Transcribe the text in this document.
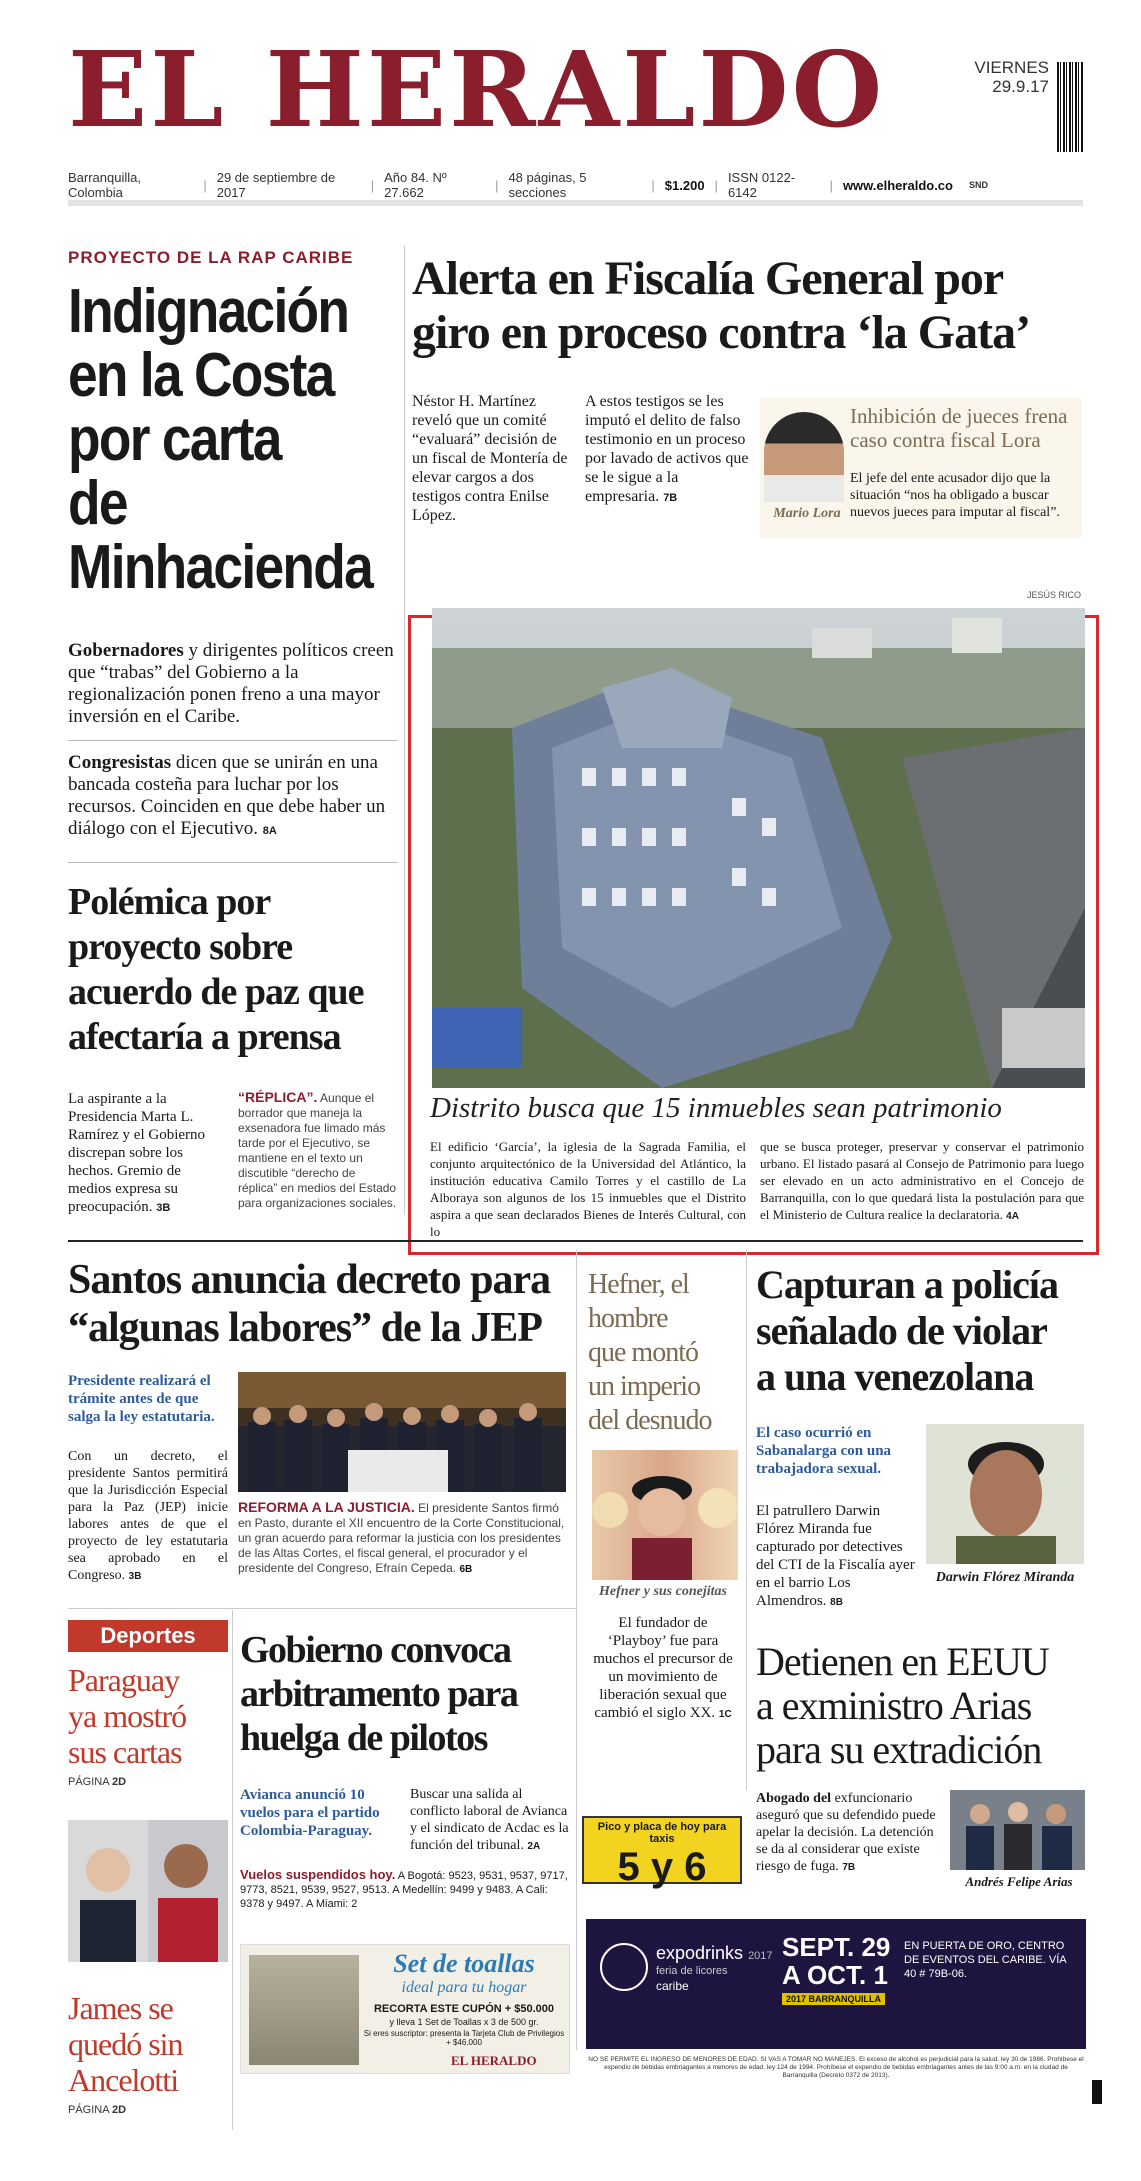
EL HERALDO	VIERNES
29.9.17
Barranquilla, Colombia	| 29 de septiembre de 2017	| Año 84. Nº 27.662	| 48 páginas, 5 secciones	| $1.200 | ISSN 0122-6142	| www.elheraldo.co SND
PROYECTO DE LA RAP CARIBE
Indignación
en la Costa
por carta de
Minhacienda
Gobernadores y dirigentes políticos creen que “trabas” del Gobierno a la regionalización ponen freno a una mayor inversión en el Caribe.
Congresistas dicen que se unirán en una bancada costeña para luchar por los recursos. Coinciden en que debe haber un diálogo con el Ejecutivo. 8A
Polémica por
proyecto sobre
acuerdo de paz que
afectaría a prensa
La aspirante a la Presidencia Marta L. Ramírez y el Gobierno discrepan sobre los hechos. Gremio de medios expresa su preocupación. 3B
“RÉPLICA”. Aunque el borrador que maneja la exsenadora fue limado más tarde por el Ejecutivo, se mantiene en el texto un discutible “derecho de réplica” en medios del Estado para organizaciones sociales.
Alerta en Fiscalía General por
giro en proceso contra ‘la Gata’
Néstor H. Martínez reveló que un comité “evaluará” decisión de un fiscal de Montería de elevar cargos a dos testigos contra Enilse López.
A estos testigos se les imputó el delito de falso testimonio en un proceso por lavado de activos que se le sigue a la empresaria. 7B
Inhibición de jueces frena caso contra fiscal Lora
El jefe del ente acusador dijo que la situación “nos ha obligado a buscar nuevos jueces para imputar al fiscal”.
Mario Lora
JESÚS RICO
Distrito busca que 15 inmuebles sean patrimonio
El edificio ‘García’, la iglesia de la Sagrada Familia, el conjunto arquitectónico de la Universidad del Atlántico, la institución educativa Camilo Torres y el castillo de La Alboraya son algunos de los 15 inmuebles que el Distrito aspira a que sean declarados Bienes de Interés Cultural, con lo
que se busca proteger, preservar y conservar el patrimonio urbano. El listado pasará al Consejo de Patrimonio para luego ser elevado en un acto administrativo en el Concejo de Barranquilla, con lo que quedará lista la postulación para que el Ministerio de Cultura realice la declaratoria. 4A
Santos anuncia decreto para
“algunas labores” de la JEP
Presidente realizará el trámite antes de que salga la ley estatutaria.
Con un decreto, el presidente Santos permitirá que la Jurisdicción Especial para la Paz (JEP) inicie labores antes de que el proyecto de ley estatutaria sea aprobado en el Congreso. 3B
REFORMA A LA JUSTICIA. El presidente Santos firmó en Pasto, durante el XII encuentro de la Corte Constitucional, un gran acuerdo para reformar la justicia con los presidentes de las Altas Cortes, el fiscal general, el procurador y el presidente del Congreso, Efraín Cepeda. 6B
Hefner, el
hombre
que montó
un imperio
del desnudo
Hefner y sus conejitas
El fundador de ‘Playboy’ fue para muchos el precursor de un movimiento de liberación sexual que cambió el siglo XX. 1C
Capturan a policía
señalado de violar
a una venezolana
El caso ocurrió en Sabanalarga con una trabajadora sexual.
El patrullero Darwin Flórez Miranda fue capturado por detectives del CTI de la Fiscalía ayer en el barrio Los Almendros. 8B
Darwin Flórez Miranda
Deportes
Paraguay
ya mostró
sus cartas
PÁGINA 2D
James se
quedó sin
Ancelotti
PÁGINA 2D
Gobierno convoca
arbitramento para
huelga de pilotos
Avianca anunció 10 vuelos para el partido Colombia-Paraguay.
Buscar una salida al conflicto laboral de Avianca y el sindicato de Acdac es la función del tribunal. 2A
Vuelos suspendidos hoy. A Bogotá: 9523, 9531, 9537, 9717, 9773, 8521, 9539, 9527, 9513. A Medellín: 9499 y 9483. A Cali: 9378 y 9497. A Miami: 2
Pico y placa de hoy para taxis
5 y 6
Detienen en EEUU
a exministro Arias
para su extradición
Abogado del exfuncionario aseguró que su defendido puede apelar la decisión. La detención se da al considerar que existe riesgo de fuga. 7B
Andrés Felipe Arias
Set de toallas
ideal para tu hogar
RECORTA ESTE CUPÓN + $50.000
y lleva 1 Set de Toallas x 3 de 500 gr.
Si eres suscriptor: presenta la Tarjeta Club de Privilegios + $46.000
EL HERALDO
expodrinks 2017
feria de licores
caribe
SEPT. 29 A OCT. 1
2017 BARRANQUILLA
EN PUERTA DE ORO, CENTRO DE EVENTOS DEL CARIBE. VÍA 40 # 79B-06.
NO SE PERMITE EL INGRESO DE MENORES DE EDAD. SI VAS A TOMAR NO MANEJES. El exceso de alcohol es perjudicial para la salud. ley 30 de 1986. Prohíbese el expendio de bebidas embriagantes a menores de edad. ley 124 de 1994. Prohíbese el expendio de bebidas embriagantes antes de las 9:00 a.m. en la ciudad de Barranquilla (Decreto 0372 de 2013).
